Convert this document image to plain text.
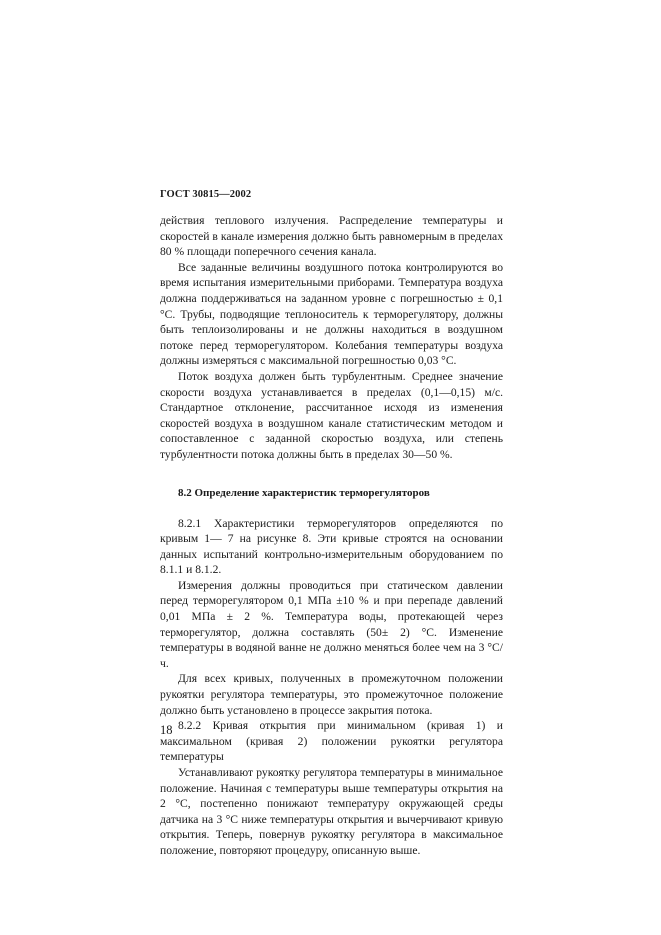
ГОСТ 30815—2002

действия теплового излучения. Распределение температуры и скоростей в канале измерения должно быть равномерным в пределах 80 % площади поперечного сечения канала.

Все заданные величины воздушного потока контролируются во время испытания измерительными приборами. Температура воздуха должна поддерживаться на заданном уровне с погрешностью ± 0,1 °С. Трубы, подводящие теплоноситель к терморегулятору, должны быть теплоизолированы и не должны находиться в воздушном потоке перед терморегулятором. Колебания температуры воздуха должны измеряться с максимальной погрешностью 0,03 °С.

Поток воздуха должен быть турбулентным. Среднее значение скорости воздуха устанавливается в пределах (0,1—0,15) м/с. Стандартное отклонение, рассчитанное исходя из изменения скоростей воздуха в воздушном канале статистическим методом и сопоставленное с заданной скоростью воздуха, или степень турбулентности потока должны быть в пределах 30—50 %.

8.2 Определение характеристик терморегуляторов

8.2.1 Характеристики терморегуляторов определяются по кривым 1— 7 на рисунке 8. Эти кривые строятся на основании данных испытаний контрольно-измерительным оборудованием по 8.1.1 и 8.1.2.

Измерения должны проводиться при статическом давлении перед терморегулятором 0,1 МПа ±10 % и при перепаде давлений 0,01 МПа ± 2 %. Температура воды, протекающей через терморегулятор, должна составлять (50± 2) °С. Изменение температуры в водяной ванне не должно меняться более чем на 3 °С/ч.

Для всех кривых, полученных в промежуточном положении рукоятки регулятора температуры, это промежуточное положение должно быть установлено в процессе закрытия потока.

8.2.2 Кривая открытия при минимальном (кривая 1) и максимальном (кривая 2) положении рукоятки регулятора температуры

Устанавливают рукоятку регулятора температуры в минимальное положение. Начиная с температуры выше температуры открытия на 2 °С, постепенно понижают температуру окружающей среды датчика на 3 °С ниже температуры открытия и вычерчивают кривую открытия. Теперь, повернув рукоятку регулятора в максимальное положение, повторяют процедуру, описанную выше.

18
